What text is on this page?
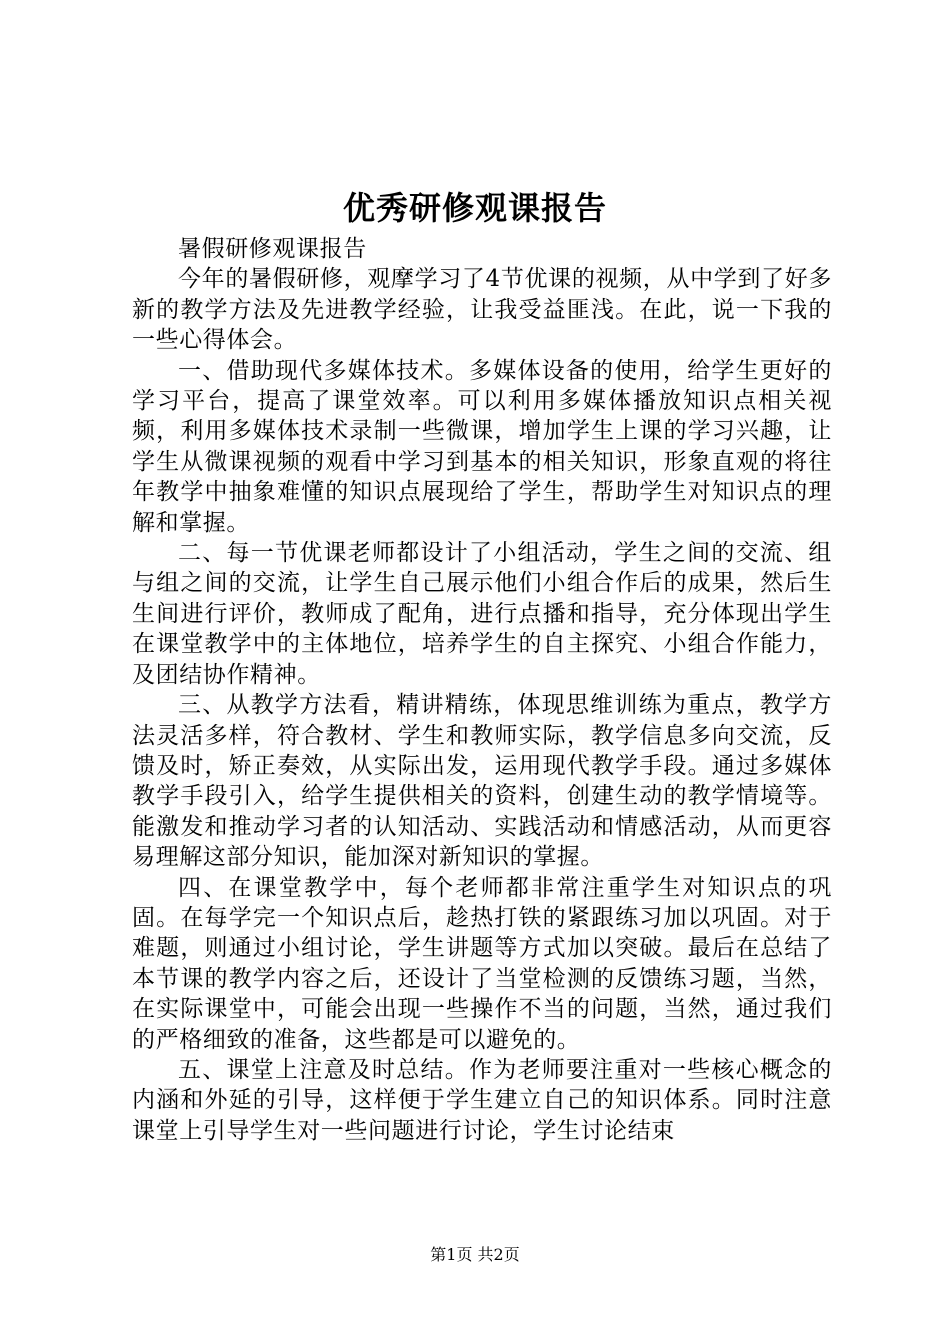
优秀研修观课报告

暑假研修观课报告

今年的暑假研修，观摩学习了4节优课的视频，从中学到了好多新的教学方法及先进教学经验，让我受益匪浅。在此，说一下我的一些心得体会。

一、借助现代多媒体技术。多媒体设备的使用，给学生更好的学习平台，提高了课堂效率。可以利用多媒体播放知识点相关视频，利用多媒体技术录制一些微课，增加学生上课的学习兴趣，让学生从微课视频的观看中学习到基本的相关知识，形象直观的将往年教学中抽象难懂的知识点展现给了学生，帮助学生对知识点的理解和掌握。

二、每一节优课老师都设计了小组活动，学生之间的交流、组与组之间的交流，让学生自己展示他们小组合作后的成果，然后生生间进行评价，教师成了配角，进行点播和指导，充分体现出学生在课堂教学中的主体地位，培养学生的自主探究、小组合作能力，及团结协作精神。

三、从教学方法看，精讲精练，体现思维训练为重点，教学方法灵活多样，符合教材、学生和教师实际，教学信息多向交流，反馈及时，矫正奏效，从实际出发，运用现代教学手段。通过多媒体教学手段引入，给学生提供相关的资料，创建生动的教学情境等。能激发和推动学习者的认知活动、实践活动和情感活动，从而更容易理解这部分知识，能加深对新知识的掌握。

四、在课堂教学中，每个老师都非常注重学生对知识点的巩固。在每学完一个知识点后，趁热打铁的紧跟练习加以巩固。对于难题，则通过小组讨论，学生讲题等方式加以突破。最后在总结了本节课的教学内容之后，还设计了当堂检测的反馈练习题，当然，在实际课堂中，可能会出现一些操作不当的问题，当然，通过我们的严格细致的准备，这些都是可以避免的。

五、课堂上注意及时总结。作为老师要注重对一些核心概念的内涵和外延的引导，这样便于学生建立自己的知识体系。同时注意课堂上引导学生对一些问题进行讨论，学生讨论结束

第1页 共2页
